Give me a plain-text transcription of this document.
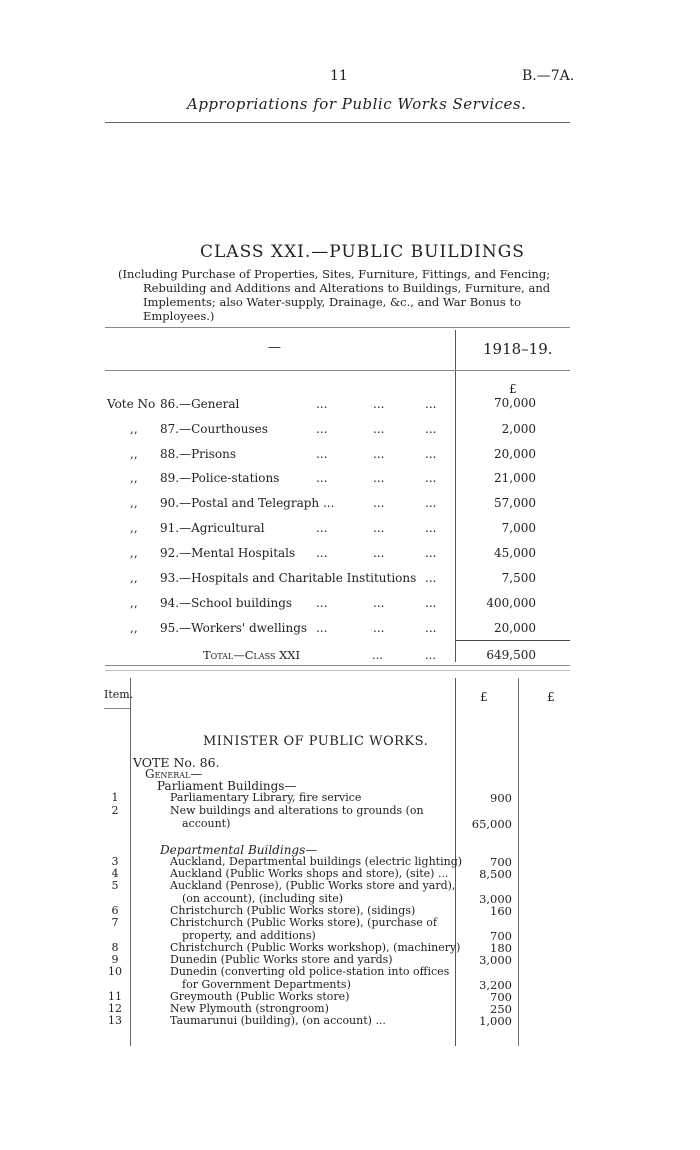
11	B.—7A.
Appropriations for Public Works Services.
CLASS XXI.—PUBLIC BUILDINGS
(Including Purchase of Properties, Sites, Furniture, Fittings, and Fencing;
Rebuilding and Additions and Alterations to Buildings, Furniture, and
Implements; also Water-supply, Drainage, &c., and War Bonus to
Employees.)
—	1918–19.
£
Vote No 86.—General	...	...	...	70,000
,, 87.—Courthouses	...	...	...	2,000
,, 88.—Prisons	...	...	...	20,000
,, 89.—Police-stations	...	...	...	21,000
,, 90.—Postal and Telegraph ...	...	...	57,000
,, 91.—Agricultural	...	...	...	7,000
,, 92.—Mental Hospitals ...	...	...	45,000
,, 93.—Hospitals and Charitable Institutions ...	7,500
,, 94.—School buildings ...	...	...	400,000
,, 95.—Workers' dwellings ...	...	...	20,000
Total—Class XXI	...	...	649,500
Item.	£	£
MINISTER OF PUBLIC WORKS.
VOTE No. 86.
General—
Parliament Buildings—
Departmental Buildings—
1	Parliamentary Library, fire service	900
2	New buildings and alterations to grounds (on
account)	65,000
3	Auckland, Departmental buildings (electric lighting)	700
4	Auckland (Public Works shops and store), (site) ...	8,500
5	Auckland (Penrose), (Public Works store and yard),
(on account), (including site)	3,000
6	Christchurch (Public Works store), (sidings)	160
7	Christchurch (Public Works store), (purchase of
property, and additions)	700
8	Christchurch (Public Works workshop), (machinery)	180
9	Dunedin (Public Works store and yards)	3,000
10	Dunedin (converting old police-station into offices
for Government Departments)	3,200
11	Greymouth (Public Works store)	700
12	New Plymouth (strongroom)	250
13	Taumarunui (building), (on account) ...	1,000
